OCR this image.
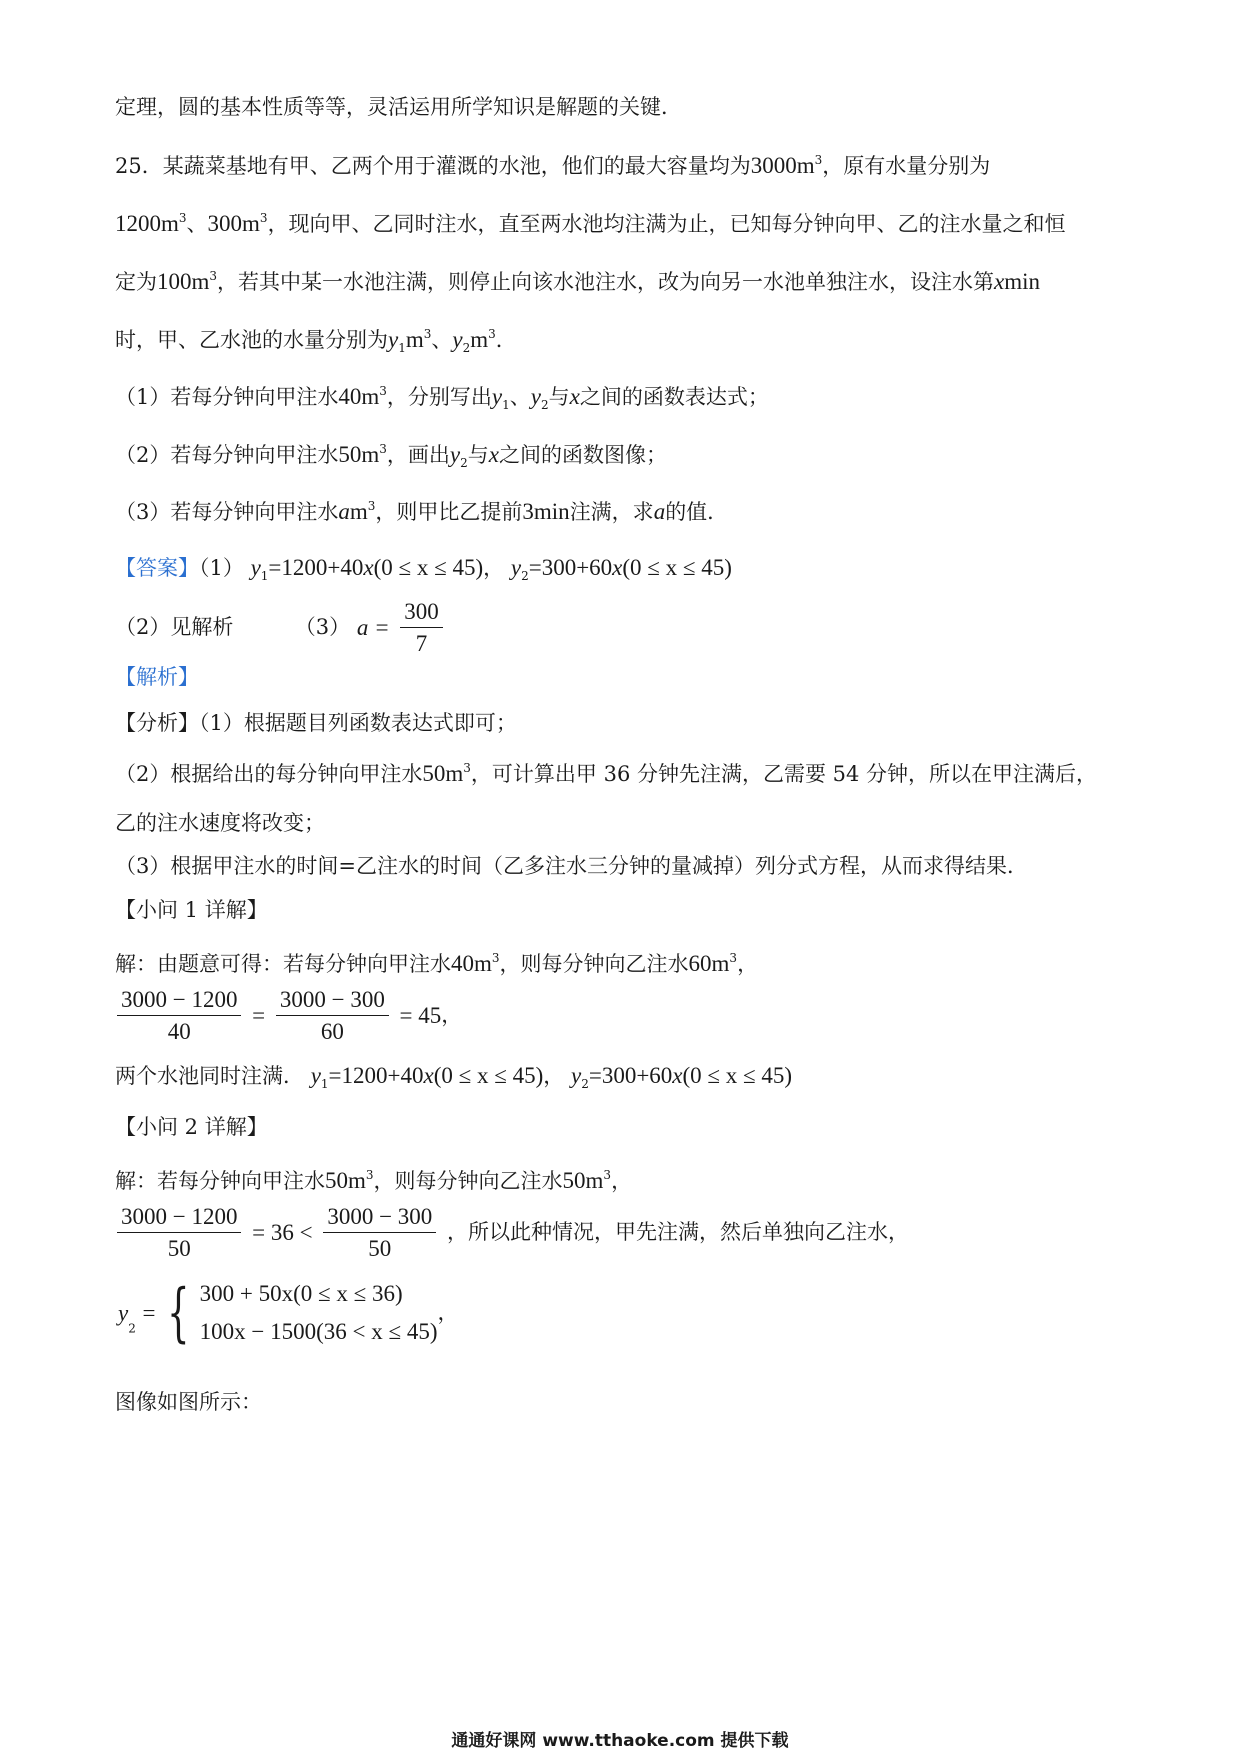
定理，圆的基本性质等等，灵活运用所学知识是解题的关键．
25．某蔬菜基地有甲、乙两个用于灌溉的水池，他们的最大容量均为$3000m^3$，原有水量分别为
$1200m^3$、$300m^3$，现向甲、乙同时注水，直至两水池均注满为止，已知每分钟向甲、乙的注水量之和恒
定为$100m^3$，若其中某一水池注满，则停止向该水池注水，改为向另一水池单独注水，设注水第xmin
时，甲、乙水池的水量分别为$y_1m^3$、$y_2m^3$．
（1）若每分钟向甲注水$40m^3$，分别写出$y_1$、$y_2$与x之间的函数表达式；
（2）若每分钟向甲注水$50m^3$，画出$y_2$与x之间的函数图像；
（3）若每分钟向甲注水$am^3$，则甲比乙提前3min注满，求a的值．
【答案】（1） $y_1=1200+40x(0 \le x \le 45)$， $y_2=300+60x(0 \le x \le 45)$
（2）见解析	（3） $a = \frac{300}{7}$
【解析】
【分析】（1）根据题目列函数表达式即可；
（2）根据给出的每分钟向甲注水$50m^3$，可计算出甲 36 分钟先注满，乙需要 54 分钟，所以在甲注满后，
乙的注水速度将改变；
（3）根据甲注水的时间=乙注水的时间（乙多注水三分钟的量减掉）列分式方程，从而求得结果．
【小问 1 详解】
解：由题意可得：若每分钟向甲注水$40m^3$，则每分钟向乙注水$60m^3$，
$\frac{3000 - 1200}{40} = \frac{3000 - 300}{60} = 45$，
两个水池同时注满． $y_1=1200+40x(0 \le x \le 45)$， $y_2=300+60x(0 \le x \le 45)$
【小问 2 详解】
解：若每分钟向甲注水$50m^3$，则每分钟向乙注水$50m^3$，
$\frac{3000 - 1200}{50} = 36 < \frac{3000 - 300}{50}$ ，所以此种情况，甲先注满，然后单独向乙注水，
$y_2$ = { 300 + 50x(0 ≤ x ≤ 36)
100x − 1500(36 < x ≤ 45)
，
图像如图所示：
通通好课网 www.tthaoke.com 提供下载
